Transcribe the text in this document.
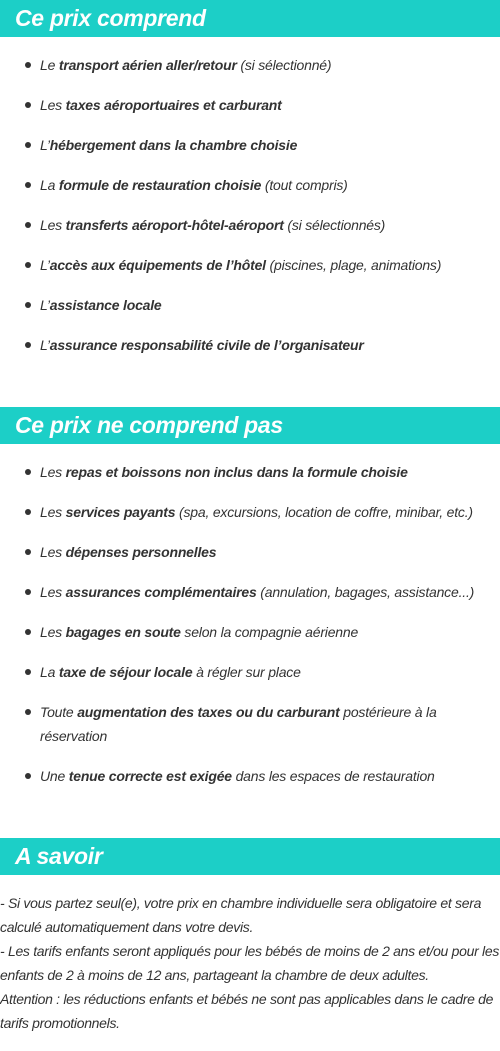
Ce prix comprend
Le transport aérien aller/retour (si sélectionné)
Les taxes aéroportuaires et carburant
L’hébergement dans la chambre choisie
La formule de restauration choisie (tout compris)
Les transferts aéroport-hôtel-aéroport (si sélectionnés)
L’accès aux équipements de l’hôtel (piscines, plage, animations)
L’assistance locale
L’assurance responsabilité civile de l’organisateur
Ce prix ne comprend pas
Les repas et boissons non inclus dans la formule choisie
Les services payants (spa, excursions, location de coffre, minibar, etc.)
Les dépenses personnelles
Les assurances complémentaires (annulation, bagages, assistance...)
Les bagages en soute selon la compagnie aérienne
La taxe de séjour locale à régler sur place
Toute augmentation des taxes ou du carburant postérieure à la réservation
Une tenue correcte est exigée dans les espaces de restauration
A savoir

- Si vous partez seul(e), votre prix en chambre individuelle sera obligatoire et sera calculé automatiquement dans votre devis.

- Les tarifs enfants seront appliqués pour les bébés de moins de 2 ans et/ou pour les enfants de 2 à moins de 12 ans, partageant la chambre de deux adultes.

Attention : les réductions enfants et bébés ne sont pas applicables dans le cadre de tarifs promotionnels.
